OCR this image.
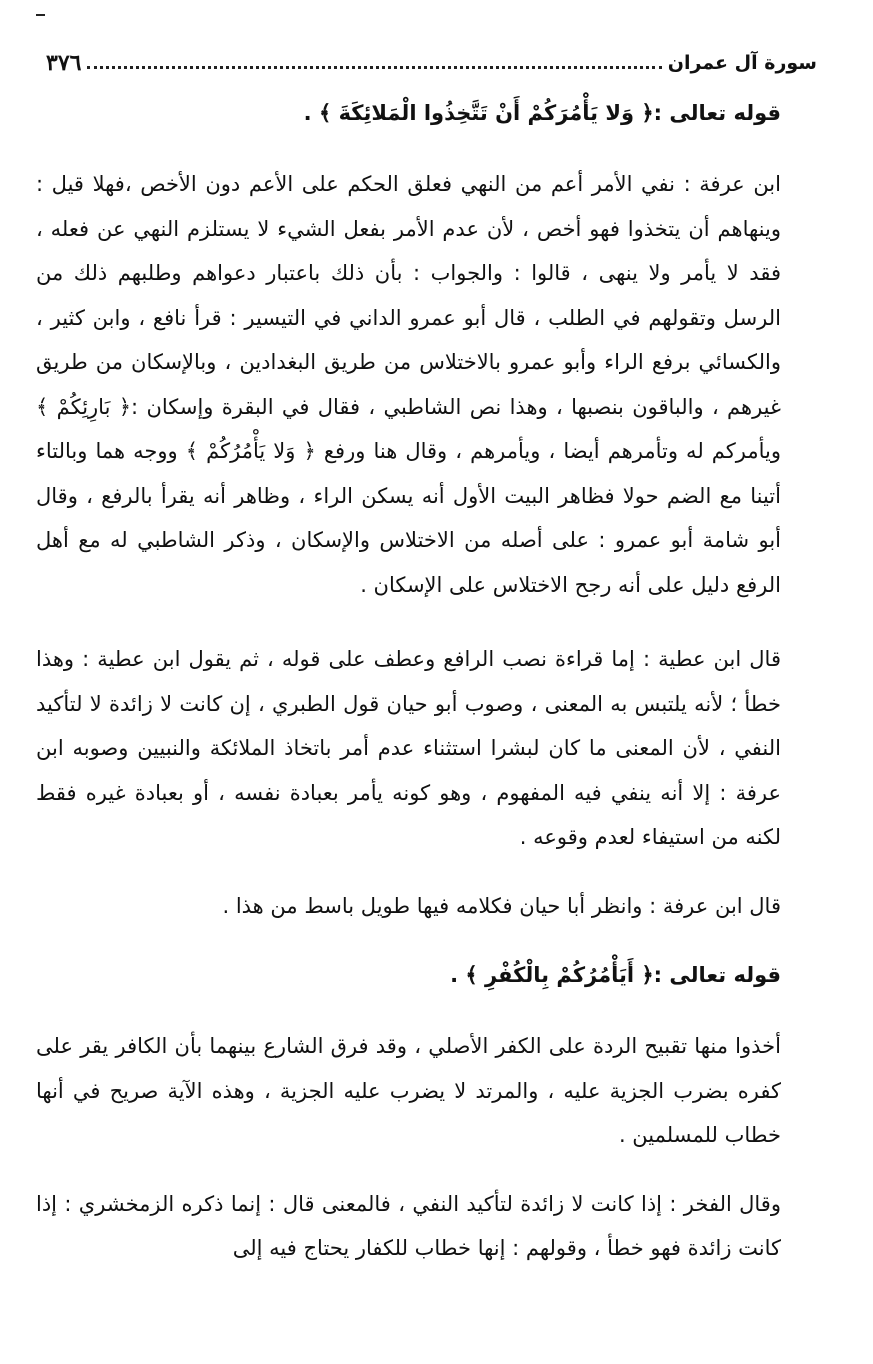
سورة آل عمران
٣٧٦

قوله تعالى :﴿ وَلا يَأْمُرَكُمْ أَنْ تَتَّخِذُوا الْمَلائِكَةَ ﴾ .

ابن عرفة : نفي الأمر أعم من النهي فعلق الحكم على الأعم دون الأخص ،فهلا قيل : وينهاهم أن يتخذوا فهو أخص ، لأن عدم الأمر بفعل الشيء لا يستلزم النهي عن فعله ، فقد لا يأمر ولا ينهى ، قالوا : والجواب : بأن ذلك باعتبار دعواهم وطلبهم ذلك من الرسل وتقولهم في الطلب ، قال أبو عمرو الداني في التيسير : قرأ نافع ، وابن كثير ، والكسائي برفع الراء وأبو عمرو بالاختلاس من طريق البغدادين ، وبالإسكان من طريق غيرهم ، والباقون بنصبها ، وهذا نص الشاطبي ، فقال في البقرة وإسكان :﴿ بَارِئِكُمْ ﴾ ويأمركم له وتأمرهم أيضا ، ويأمرهم ، وقال هنا ورفع ﴿ وَلا يَأْمُرُكُمْ ﴾ ووجه هما وبالتاء أتينا مع الضم حولا فظاهر البيت الأول أنه يسكن الراء ، وظاهر أنه يقرأ بالرفع ، وقال أبو شامة أبو عمرو : على أصله من الاختلاس والإسكان ، وذكر الشاطبي له مع أهل الرفع دليل على أنه رجح الاختلاس على الإسكان .

قال ابن عطية : إما قراءة نصب الرافع وعطف على قوله ، ثم يقول ابن عطية : وهذا خطأ ؛ لأنه يلتبس به المعنى ، وصوب أبو حيان قول الطبري ، إن كانت لا زائدة لا لتأكيد النفي ، لأن المعنى ما كان لبشرا استثناء عدم أمر باتخاذ الملائكة والنبيين وصوبه ابن عرفة : إلا أنه ينفي فيه المفهوم ، وهو كونه يأمر بعبادة نفسه ، أو بعبادة غيره فقط لكنه من استيفاء لعدم وقوعه .

قال ابن عرفة : وانظر أبا حيان فكلامه فيها طويل باسط من هذا .

قوله تعالى :﴿ أَيَأْمُرُكُمْ بِالْكُفْرِ ﴾ .

أخذوا منها تقبيح الردة على الكفر الأصلي ، وقد فرق الشارع بينهما بأن الكافر يقر على كفره بضرب الجزية عليه ، والمرتد لا يضرب عليه الجزية ، وهذه الآية صريح في أنها خطاب للمسلمين .

وقال الفخر : إذا كانت لا زائدة لتأكيد النفي ، فالمعنى قال : إنما ذكره الزمخشري : إذا كانت زائدة فهو خطأ ، وقولهم : إنها خطاب للكفار يحتاج فيه إلى
